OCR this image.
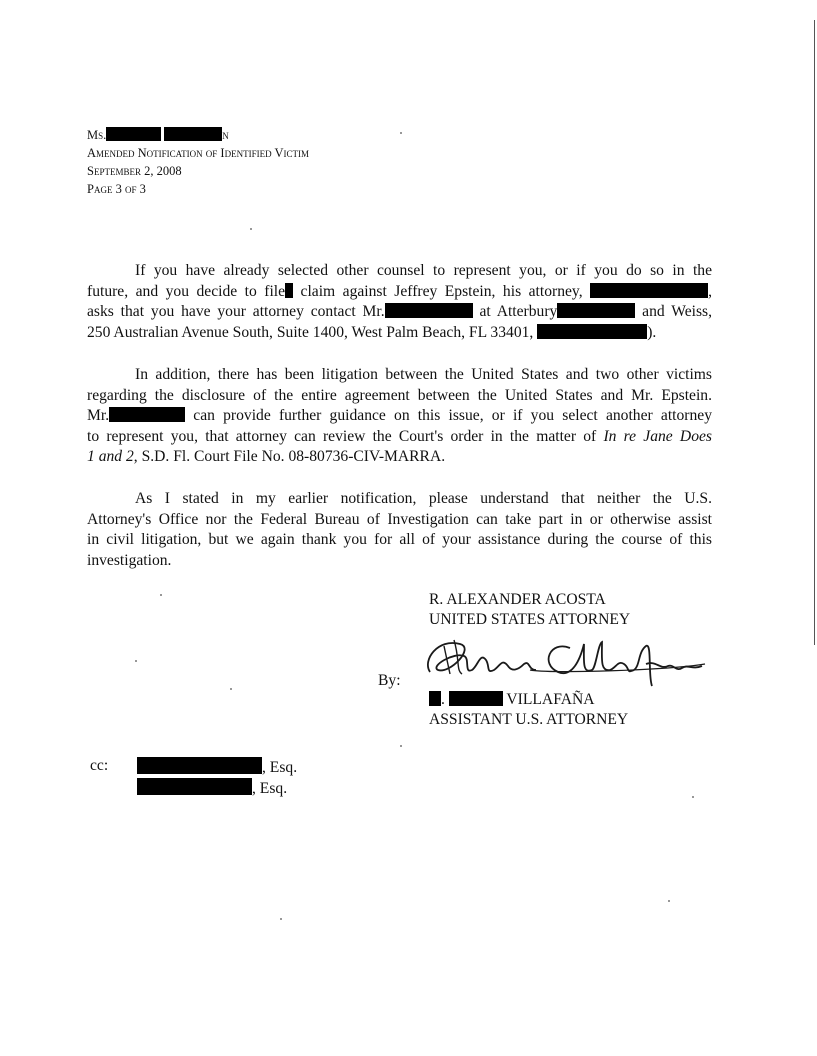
Ms.	n
Amended Notification of Identified Victim
September 2, 2008
Page 3 of 3
If you have already selected other counsel to represent you, or if you do so in the
future, and you decide to file claim against Jeffrey Epstein, his attorney,	,
asks that you have your attorney contact Mr.	at Atterbury	and Weiss,
250 Australian Avenue South, Suite 1400, West Palm Beach, FL 33401,	).
In addition, there has been litigation between the United States and two other victims
regarding the disclosure of the entire agreement between the United States and Mr. Epstein.
Mr.	can provide further guidance on this issue, or if you select another attorney
to represent you, that attorney can review the Court's order in the matter of In re Jane Does
1 and 2, S.D. Fl. Court File No. 08-80736-CIV-MARRA.
As I stated in my earlier notification, please understand that neither the U.S.
Attorney's Office nor the Federal Bureau of Investigation can take part in or otherwise assist
in civil litigation, but we again thank you for all of your assistance during the course of this
investigation.
R. ALEXANDER ACOSTA
UNITED STATES ATTORNEY
By:
.	VILLAFAÑA
ASSISTANT U.S. ATTORNEY
cc:	, Esq.
, Esq.
